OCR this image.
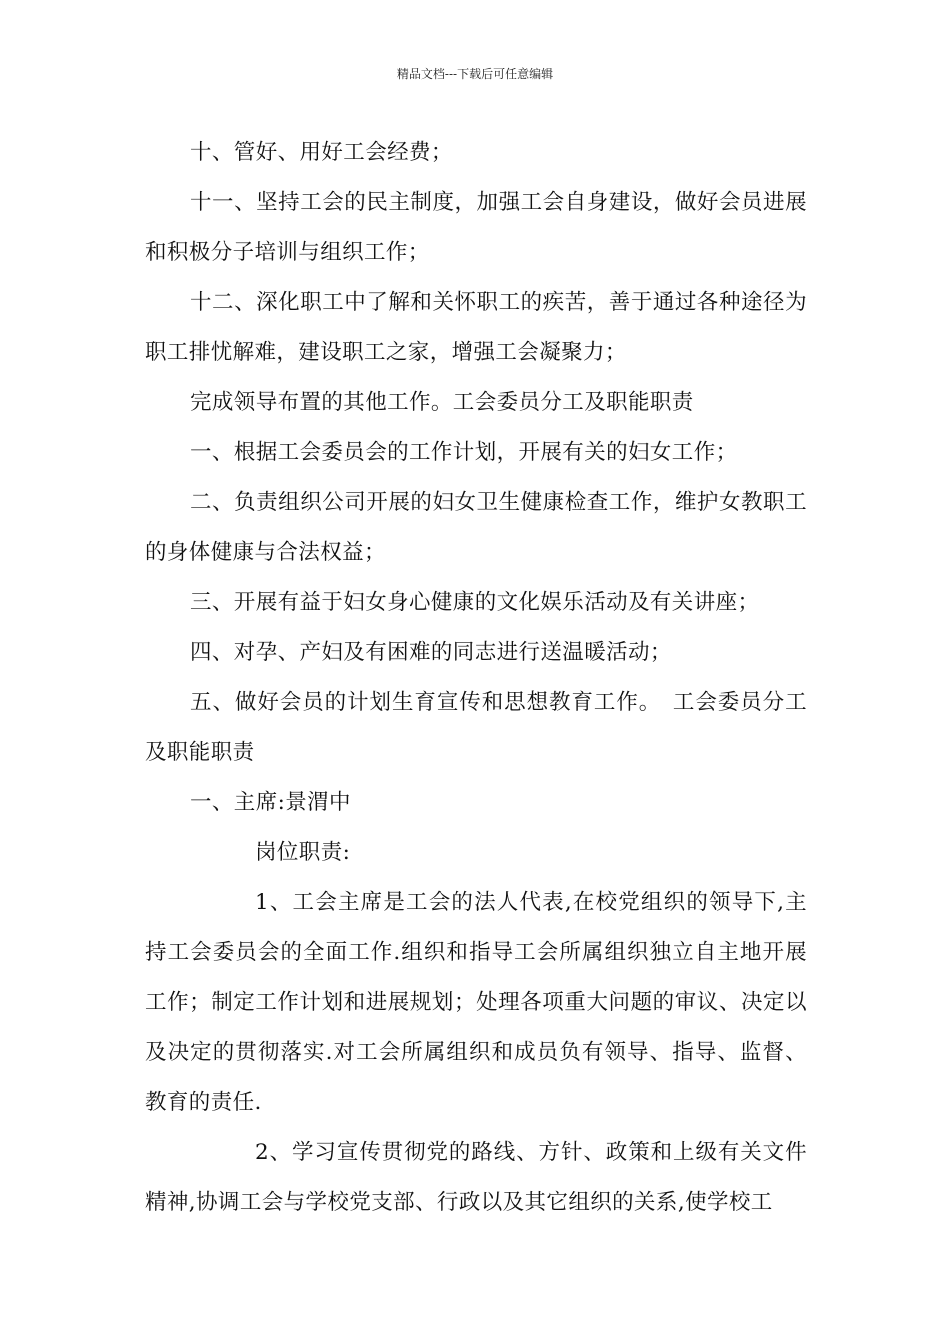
精品文档---下载后可任意编辑

十、管好、用好工会经费；

十一、坚持工会的民主制度，加强工会自身建设，做好会员进展和积极分子培训与组织工作；

十二、深化职工中了解和关怀职工的疾苦，善于通过各种途径为职工排忧解难，建设职工之家，增强工会凝聚力；

完成领导布置的其他工作。工会委员分工及职能职责

一、根据工会委员会的工作计划，开展有关的妇女工作；

二、负责组织公司开展的妇女卫生健康检查工作，维护女教职工的身体健康与合法权益；

三、开展有益于妇女身心健康的文化娱乐活动及有关讲座；

四、对孕、产妇及有困难的同志进行送温暖活动；

五、做好会员的计划生育宣传和思想教育工作。　工会委员分工及职能职责

一、主席:景渭中

岗位职责:

1、工会主席是工会的法人代表,在校党组织的领导下,主持工会委员会的全面工作.组织和指导工会所属组织独立自主地开展工作；制定工作计划和进展规划；处理各项重大问题的审议、决定以及决定的贯彻落实.对工会所属组织和成员负有领导、指导、监督、教育的责任.

2、学习宣传贯彻党的路线、方针、政策和上级有关文件精神,协调工会与学校党支部、行政以及其它组织的关系,使学校工
